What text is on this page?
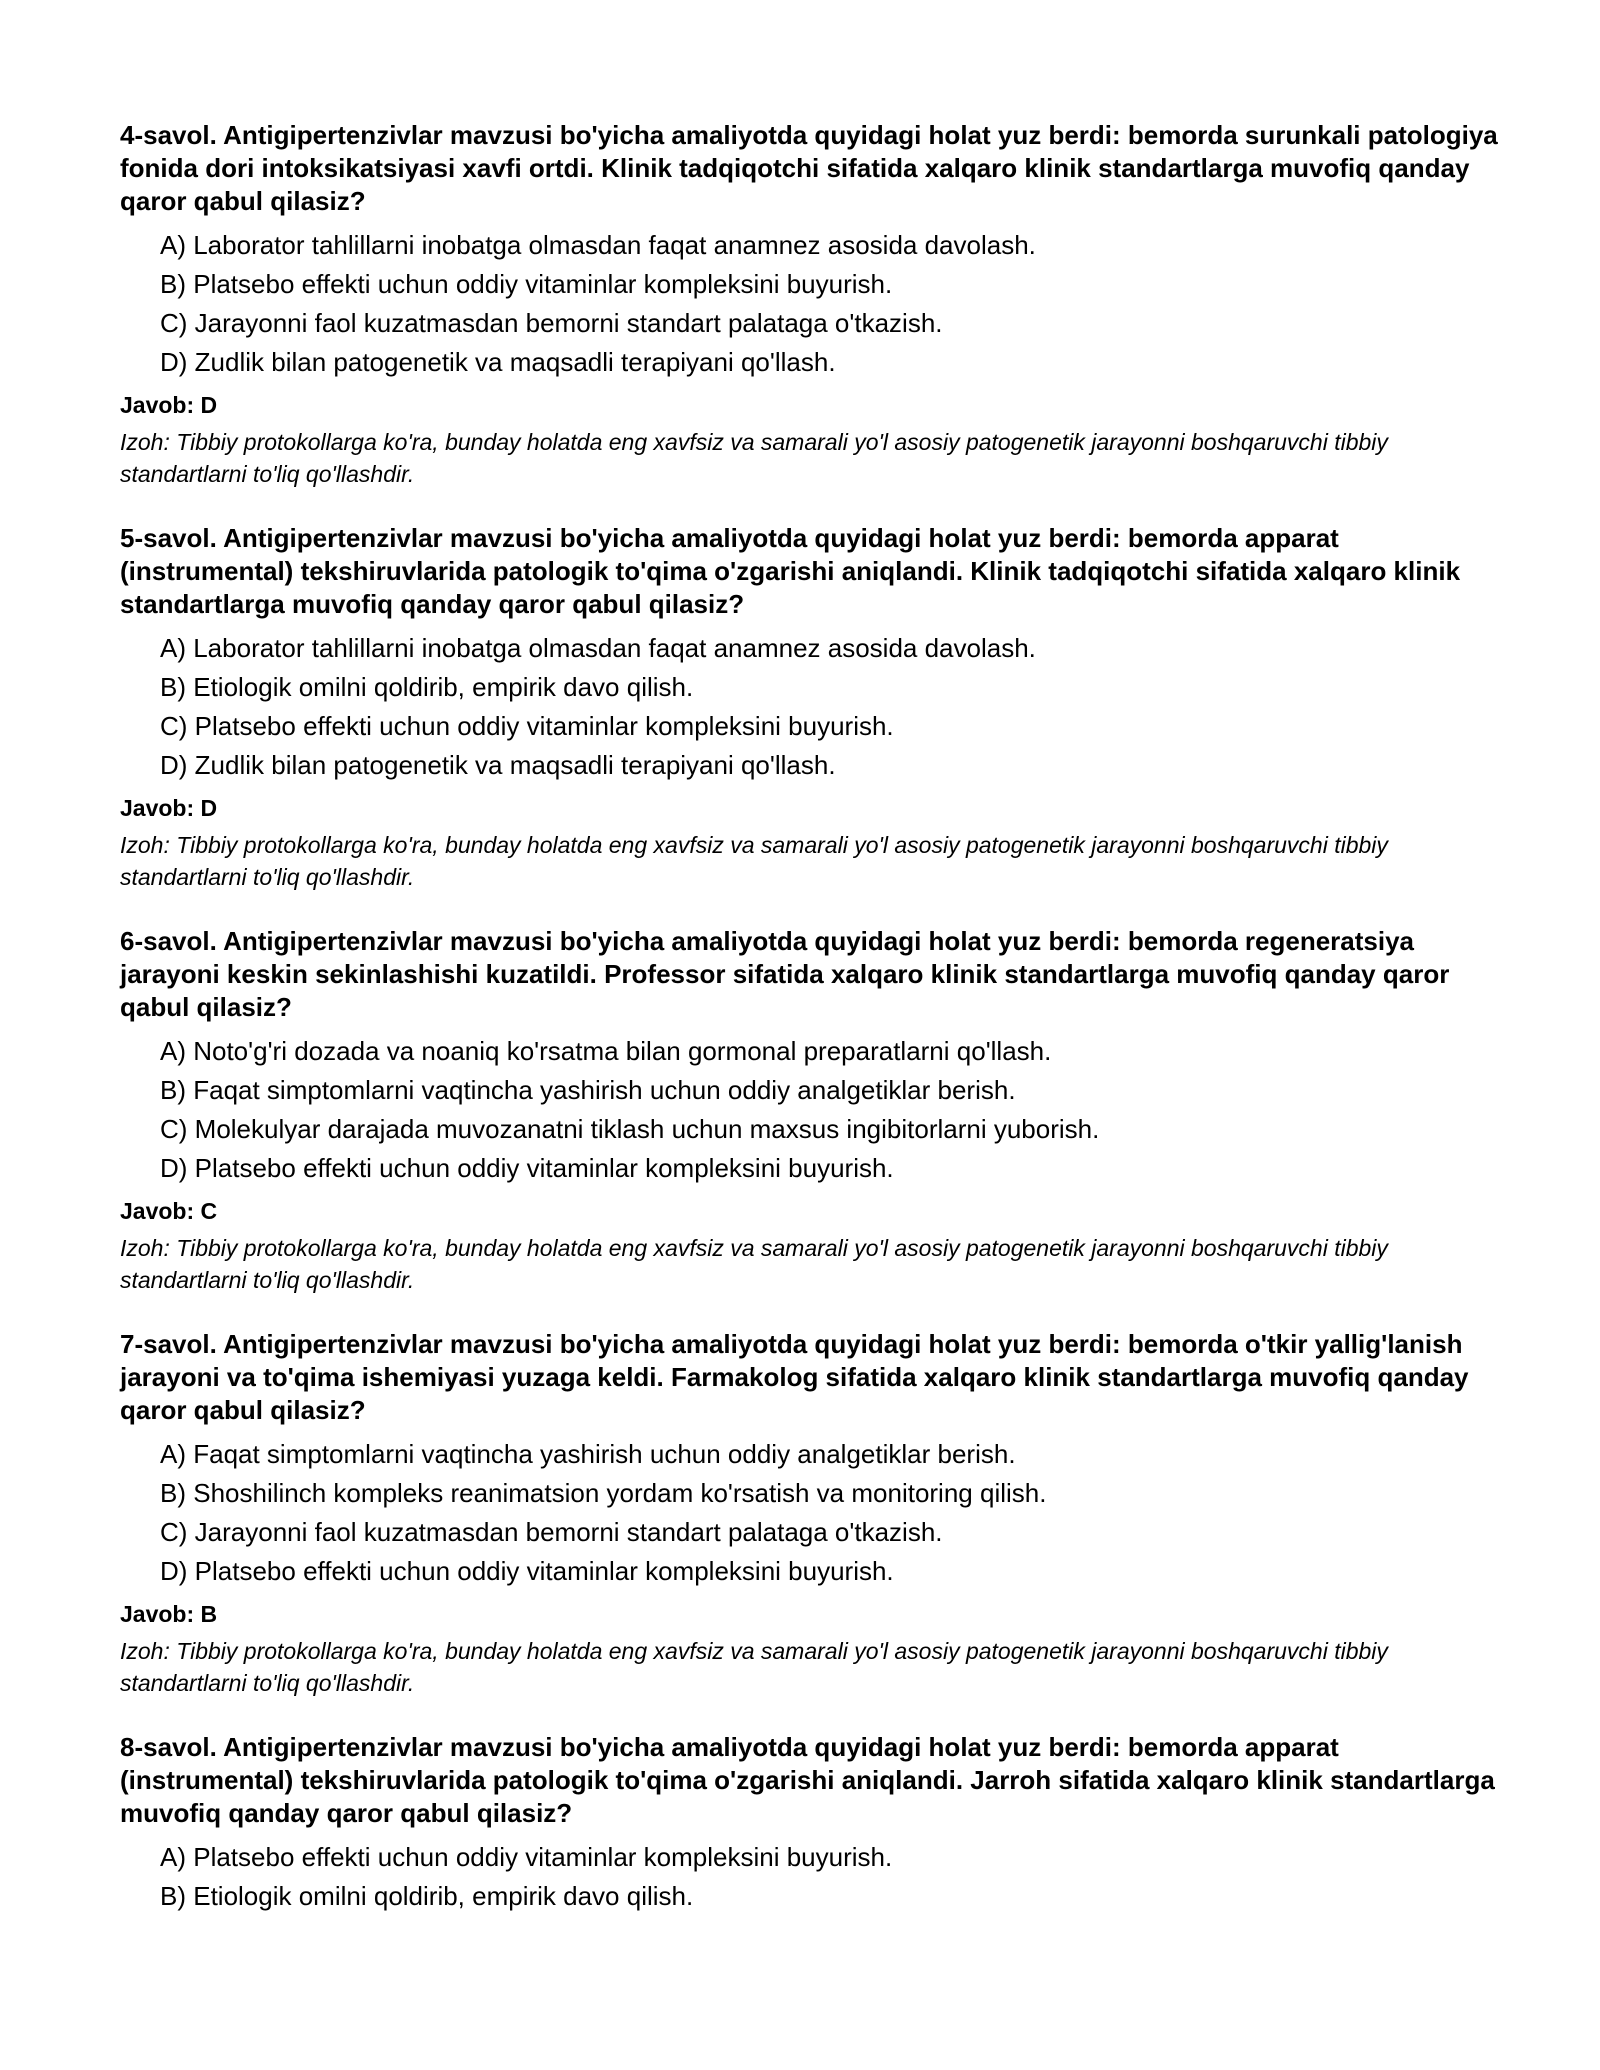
4-savol. Antigipertenzivlar mavzusi bo'yicha amaliyotda quyidagi holat yuz berdi: bemorda surunkali patologiya fonida dori intoksikatsiyasi xavfi ortdi. Klinik tadqiqotchi sifatida xalqaro klinik standartlarga muvofiq qanday qaror qabul qilasiz?

A) Laborator tahlillarni inobatga olmasdan faqat anamnez asosida davolash.
B) Platsebo effekti uchun oddiy vitaminlar kompleksini buyurish.
C) Jarayonni faol kuzatmasdan bemorni standart palataga o'tkazish.
D) Zudlik bilan patogenetik va maqsadli terapiyani qo'llash.

Javob: D

Izoh: Tibbiy protokollarga ko'ra, bunday holatda eng xavfsiz va samarali yo'l asosiy patogenetik jarayonni boshqaruvchi tibbiy standartlarni to'liq qo'llashdir.

5-savol. Antigipertenzivlar mavzusi bo'yicha amaliyotda quyidagi holat yuz berdi: bemorda apparat (instrumental) tekshiruvlarida patologik to'qima o'zgarishi aniqlandi. Klinik tadqiqotchi sifatida xalqaro klinik standartlarga muvofiq qanday qaror qabul qilasiz?

A) Laborator tahlillarni inobatga olmasdan faqat anamnez asosida davolash.
B) Etiologik omilni qoldirib, empirik davo qilish.
C) Platsebo effekti uchun oddiy vitaminlar kompleksini buyurish.
D) Zudlik bilan patogenetik va maqsadli terapiyani qo'llash.

Javob: D

Izoh: Tibbiy protokollarga ko'ra, bunday holatda eng xavfsiz va samarali yo'l asosiy patogenetik jarayonni boshqaruvchi tibbiy standartlarni to'liq qo'llashdir.

6-savol. Antigipertenzivlar mavzusi bo'yicha amaliyotda quyidagi holat yuz berdi: bemorda regeneratsiya jarayoni keskin sekinlashishi kuzatildi. Professor sifatida xalqaro klinik standartlarga muvofiq qanday qaror qabul qilasiz?

A) Noto'g'ri dozada va noaniq ko'rsatma bilan gormonal preparatlarni qo'llash.
B) Faqat simptomlarni vaqtincha yashirish uchun oddiy analgetiklar berish.
C) Molekulyar darajada muvozanatni tiklash uchun maxsus ingibitorlarni yuborish.
D) Platsebo effekti uchun oddiy vitaminlar kompleksini buyurish.

Javob: C

Izoh: Tibbiy protokollarga ko'ra, bunday holatda eng xavfsiz va samarali yo'l asosiy patogenetik jarayonni boshqaruvchi tibbiy standartlarni to'liq qo'llashdir.

7-savol. Antigipertenzivlar mavzusi bo'yicha amaliyotda quyidagi holat yuz berdi: bemorda o'tkir yallig'lanish jarayoni va to'qima ishemiyasi yuzaga keldi. Farmakolog sifatida xalqaro klinik standartlarga muvofiq qanday qaror qabul qilasiz?

A) Faqat simptomlarni vaqtincha yashirish uchun oddiy analgetiklar berish.
B) Shoshilinch kompleks reanimatsion yordam ko'rsatish va monitoring qilish.
C) Jarayonni faol kuzatmasdan bemorni standart palataga o'tkazish.
D) Platsebo effekti uchun oddiy vitaminlar kompleksini buyurish.

Javob: B

Izoh: Tibbiy protokollarga ko'ra, bunday holatda eng xavfsiz va samarali yo'l asosiy patogenetik jarayonni boshqaruvchi tibbiy standartlarni to'liq qo'llashdir.

8-savol. Antigipertenzivlar mavzusi bo'yicha amaliyotda quyidagi holat yuz berdi: bemorda apparat (instrumental) tekshiruvlarida patologik to'qima o'zgarishi aniqlandi. Jarroh sifatida xalqaro klinik standartlarga muvofiq qanday qaror qabul qilasiz?

A) Platsebo effekti uchun oddiy vitaminlar kompleksini buyurish.
B) Etiologik omilni qoldirib, empirik davo qilish.
